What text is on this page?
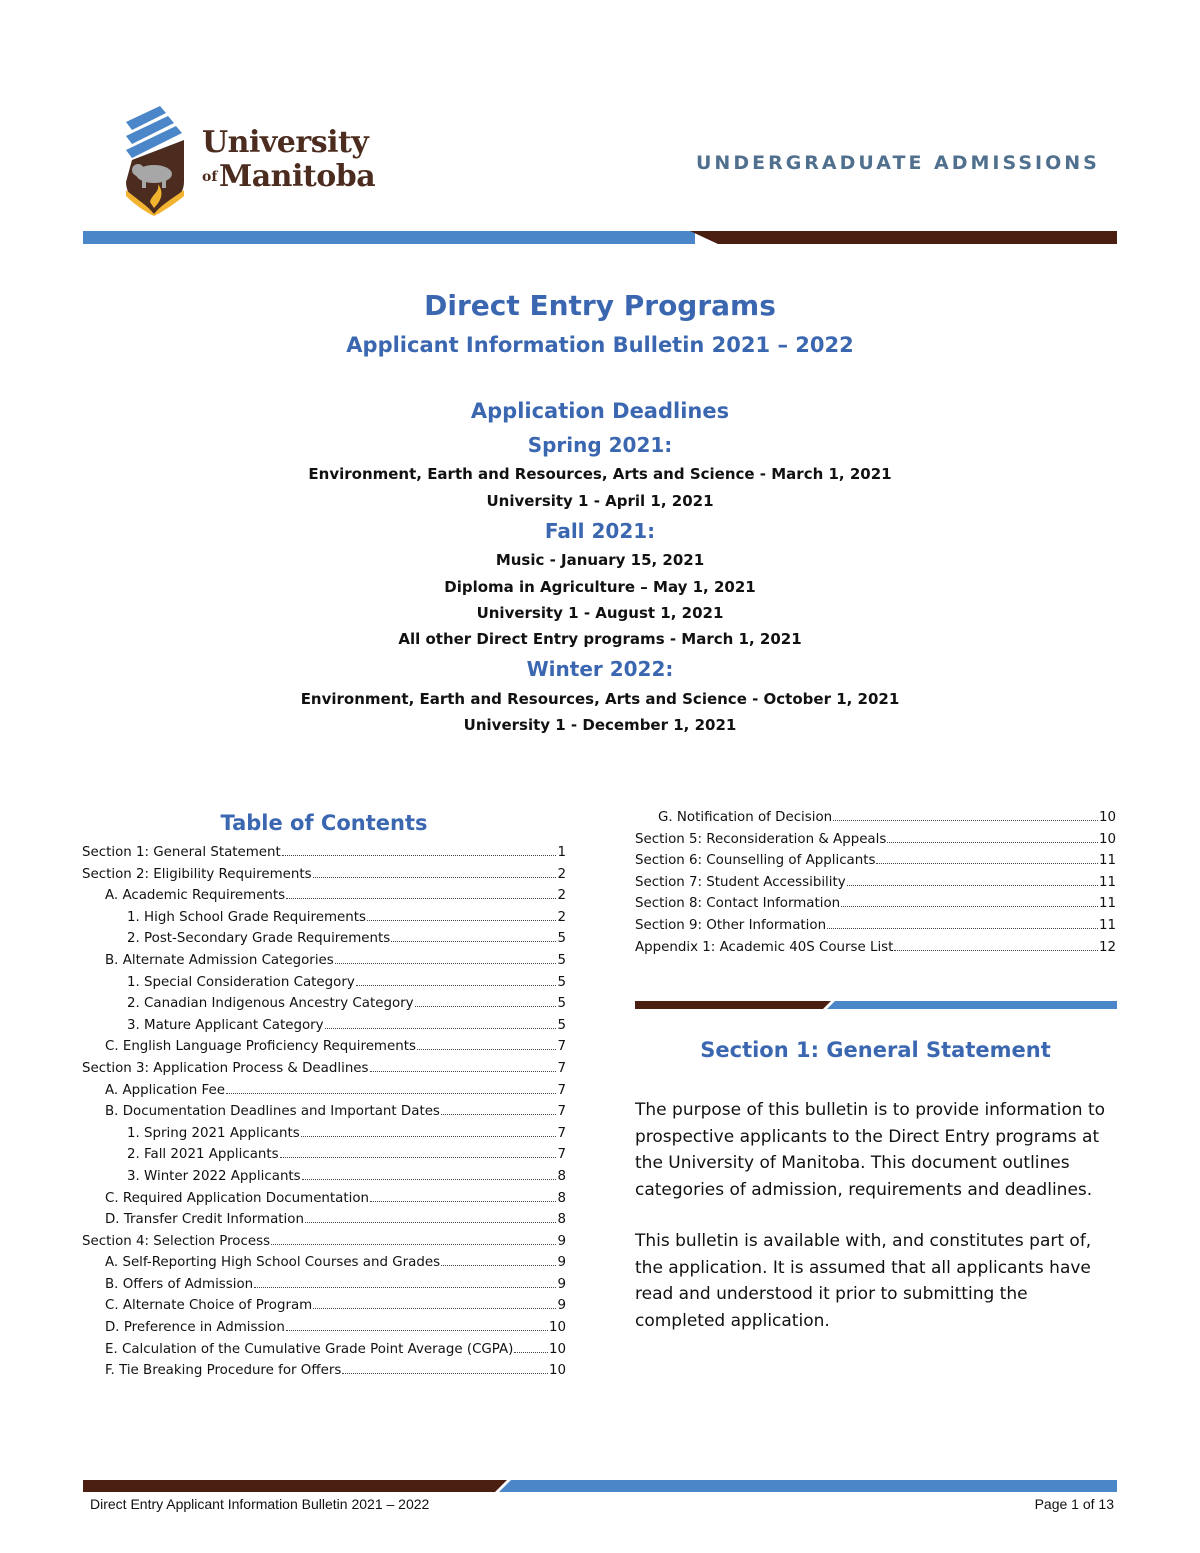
University
of Manitoba	UNDERGRADUATE ADMISSIONS
Direct Entry Programs
Applicant Information Bulletin 2021 – 2022
Application Deadlines
Spring 2021:
Environment, Earth and Resources, Arts and Science - March 1, 2021
University 1 - April 1, 2021
Fall 2021:
Music - January 15, 2021
Diploma in Agriculture – May 1, 2021
University 1 - August 1, 2021
All other Direct Entry programs - March 1, 2021
Winter 2022:
Environment, Earth and Resources, Arts and Science - October 1, 2021
University 1 - December 1, 2021
Table of Contents
Section 1: General Statement	1
Section 2: Eligibility Requirements	2
A. Academic Requirements	2
1. High School Grade Requirements	2
2. Post-Secondary Grade Requirements	5
B. Alternate Admission Categories	5
1. Special Consideration Category	5
2. Canadian Indigenous Ancestry Category	5
3. Mature Applicant Category	5
C. English Language Proficiency Requirements	7
Section 3: Application Process & Deadlines	7
A. Application Fee	7
B. Documentation Deadlines and Important Dates	7
1. Spring 2021 Applicants	7
2. Fall 2021 Applicants	7
3. Winter 2022 Applicants	8
C. Required Application Documentation	8
D. Transfer Credit Information	8
Section 4: Selection Process	9
A. Self-Reporting High School Courses and Grades	9
B. Offers of Admission	9
C. Alternate Choice of Program	9
D. Preference in Admission	10
E. Calculation of the Cumulative Grade Point Average (CGPA)	10
F. Tie Breaking Procedure for Offers	10
G. Notification of Decision	10
Section 5: Reconsideration & Appeals	10
Section 6: Counselling of Applicants	11
Section 7: Student Accessibility	11
Section 8: Contact Information	11
Section 9: Other Information	11
Appendix 1: Academic 40S Course List	12
Section 1: General Statement
The purpose of this bulletin is to provide information to prospective applicants to the Direct Entry programs at the University of Manitoba. This document outlines categories of admission, requirements and deadlines.
This bulletin is available with, and constitutes part of, the application. It is assumed that all applicants have read and understood it prior to submitting the completed application.
Direct Entry Applicant Information Bulletin 2021 – 2022	Page 1 of 13
